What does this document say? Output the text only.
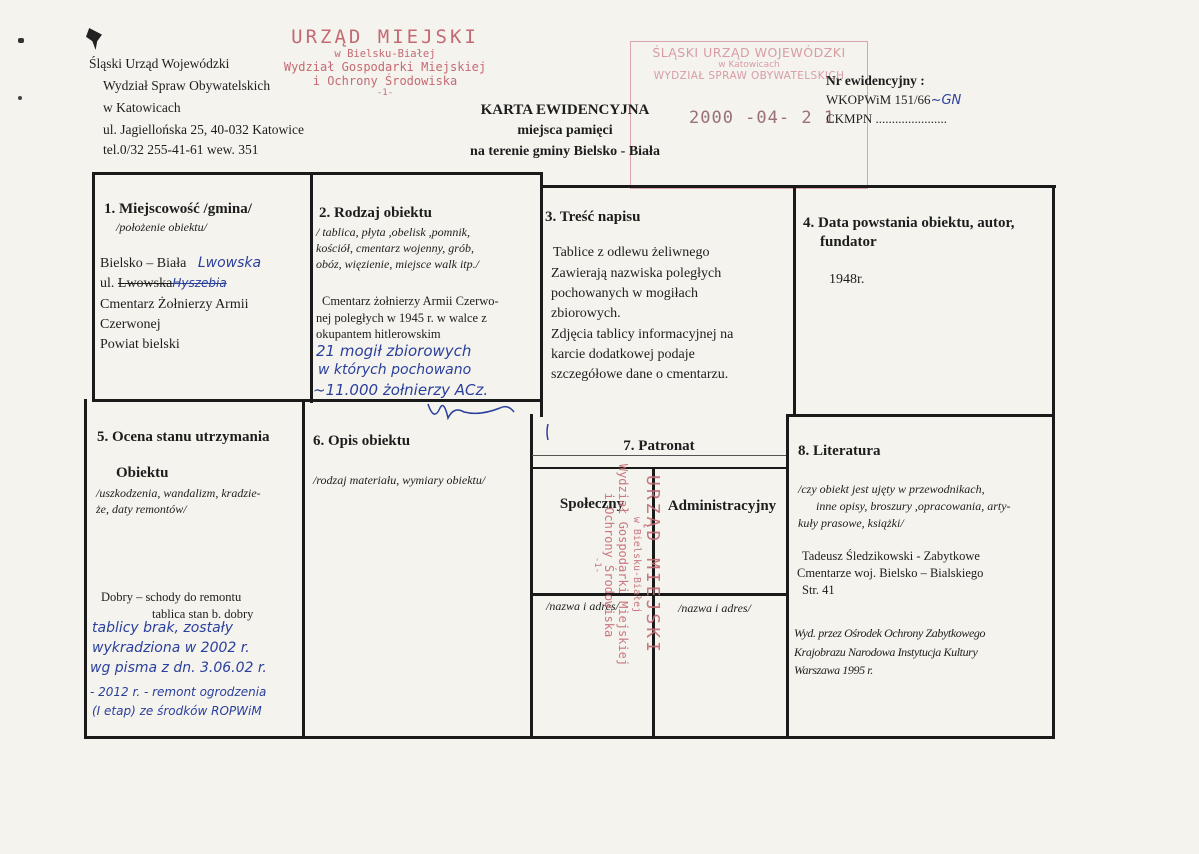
Śląski Urząd Wojewódzki
Wydział Spraw Obywatelskich
w Katowicach
ul. Jagiellońska 25, 40-032 Katowice
tel.0/32 255-41-61 wew. 351
URZĄD MIEJSKI
w Bielsku-Białej
Wydział Gospodarki Miejskiej
i Ochrony Środowiska
-1-
ŚLĄSKI URZĄD WOJEWÓDZKI
w Katowicach
WYDZIAŁ SPRAW OBYWATELSKICH
2000 -04- 2 1
Nr ewidencyjny :
WKOPWiM 151/66~GN
CKMPN ......................
KARTA EWIDENCYJNA
miejsca pamięci
na terenie gminy Bielsko - Biała
1. Miejscowość /gmina/
/położenie obiektu/
Bielsko – Biała Lwowska
ul. LwowskaHyszebia
Cmentarz Żołnierzy Armii
Czerwonej
Powiat bielski
2. Rodzaj obiektu
/ tablica, płyta ,obelisk ,pomnik,
kościół, cmentarz wojenny, grób,
obóz, więzienie, miejsce walk itp./
Cmentarz żołnierzy Armii Czerwo-
nej poległych w 1945 r. w walce z
okupantem hitlerowskim
21 mogił zbiorowych
w których pochowano
~11.000 żołnierzy ACz.
3. Treść napisu
Tablice z odlewu żeliwnego
Zawierają nazwiska poległych
pochowanych w mogiłach
zbiorowych.
Zdjęcia tablicy informacyjnej na
karcie dodatkowej podaje
szczegółowe dane o cmentarzu.
4. Data powstania obiektu, autor,
fundator
1948r.
5. Ocena stanu utrzymania
Obiektu
/uszkodzenia, wandalizm, kradzie-
że, daty remontów/
Dobry – schody do remontu
tablica stan b. dobry
tablicy brak, zostały
wykradziona w 2002 r.
wg pisma z dn. 3.06.02 r.
- 2012 r. - remont ogrodzenia
(I etap) ze środków ROPWiM
6. Opis obiektu
/rodzaj materiału, wymiary obiektu/
7. Patronat
Społeczny	Administracyjny
/nazwa i adres/	/nazwa i adres/
URZĄD MIEJSKI
w Bielsku-Białej
Wydział Gospodarki Miejskiej
i Ochrony Środowiska
-1-
8. Literatura
/czy obiekt jest ujęty w przewodnikach,
inne opisy, broszury ,opracowania, arty-
kuły prasowe, książki/
Tadeusz Śledzikowski - Zabytkowe
Cmentarze woj. Bielsko – Bialskiego
Str. 41
Wyd. przez Ośrodek Ochrony Zabytkowego
Krajobrazu Narodowa Instytucja Kultury
Warszawa 1995 r.
